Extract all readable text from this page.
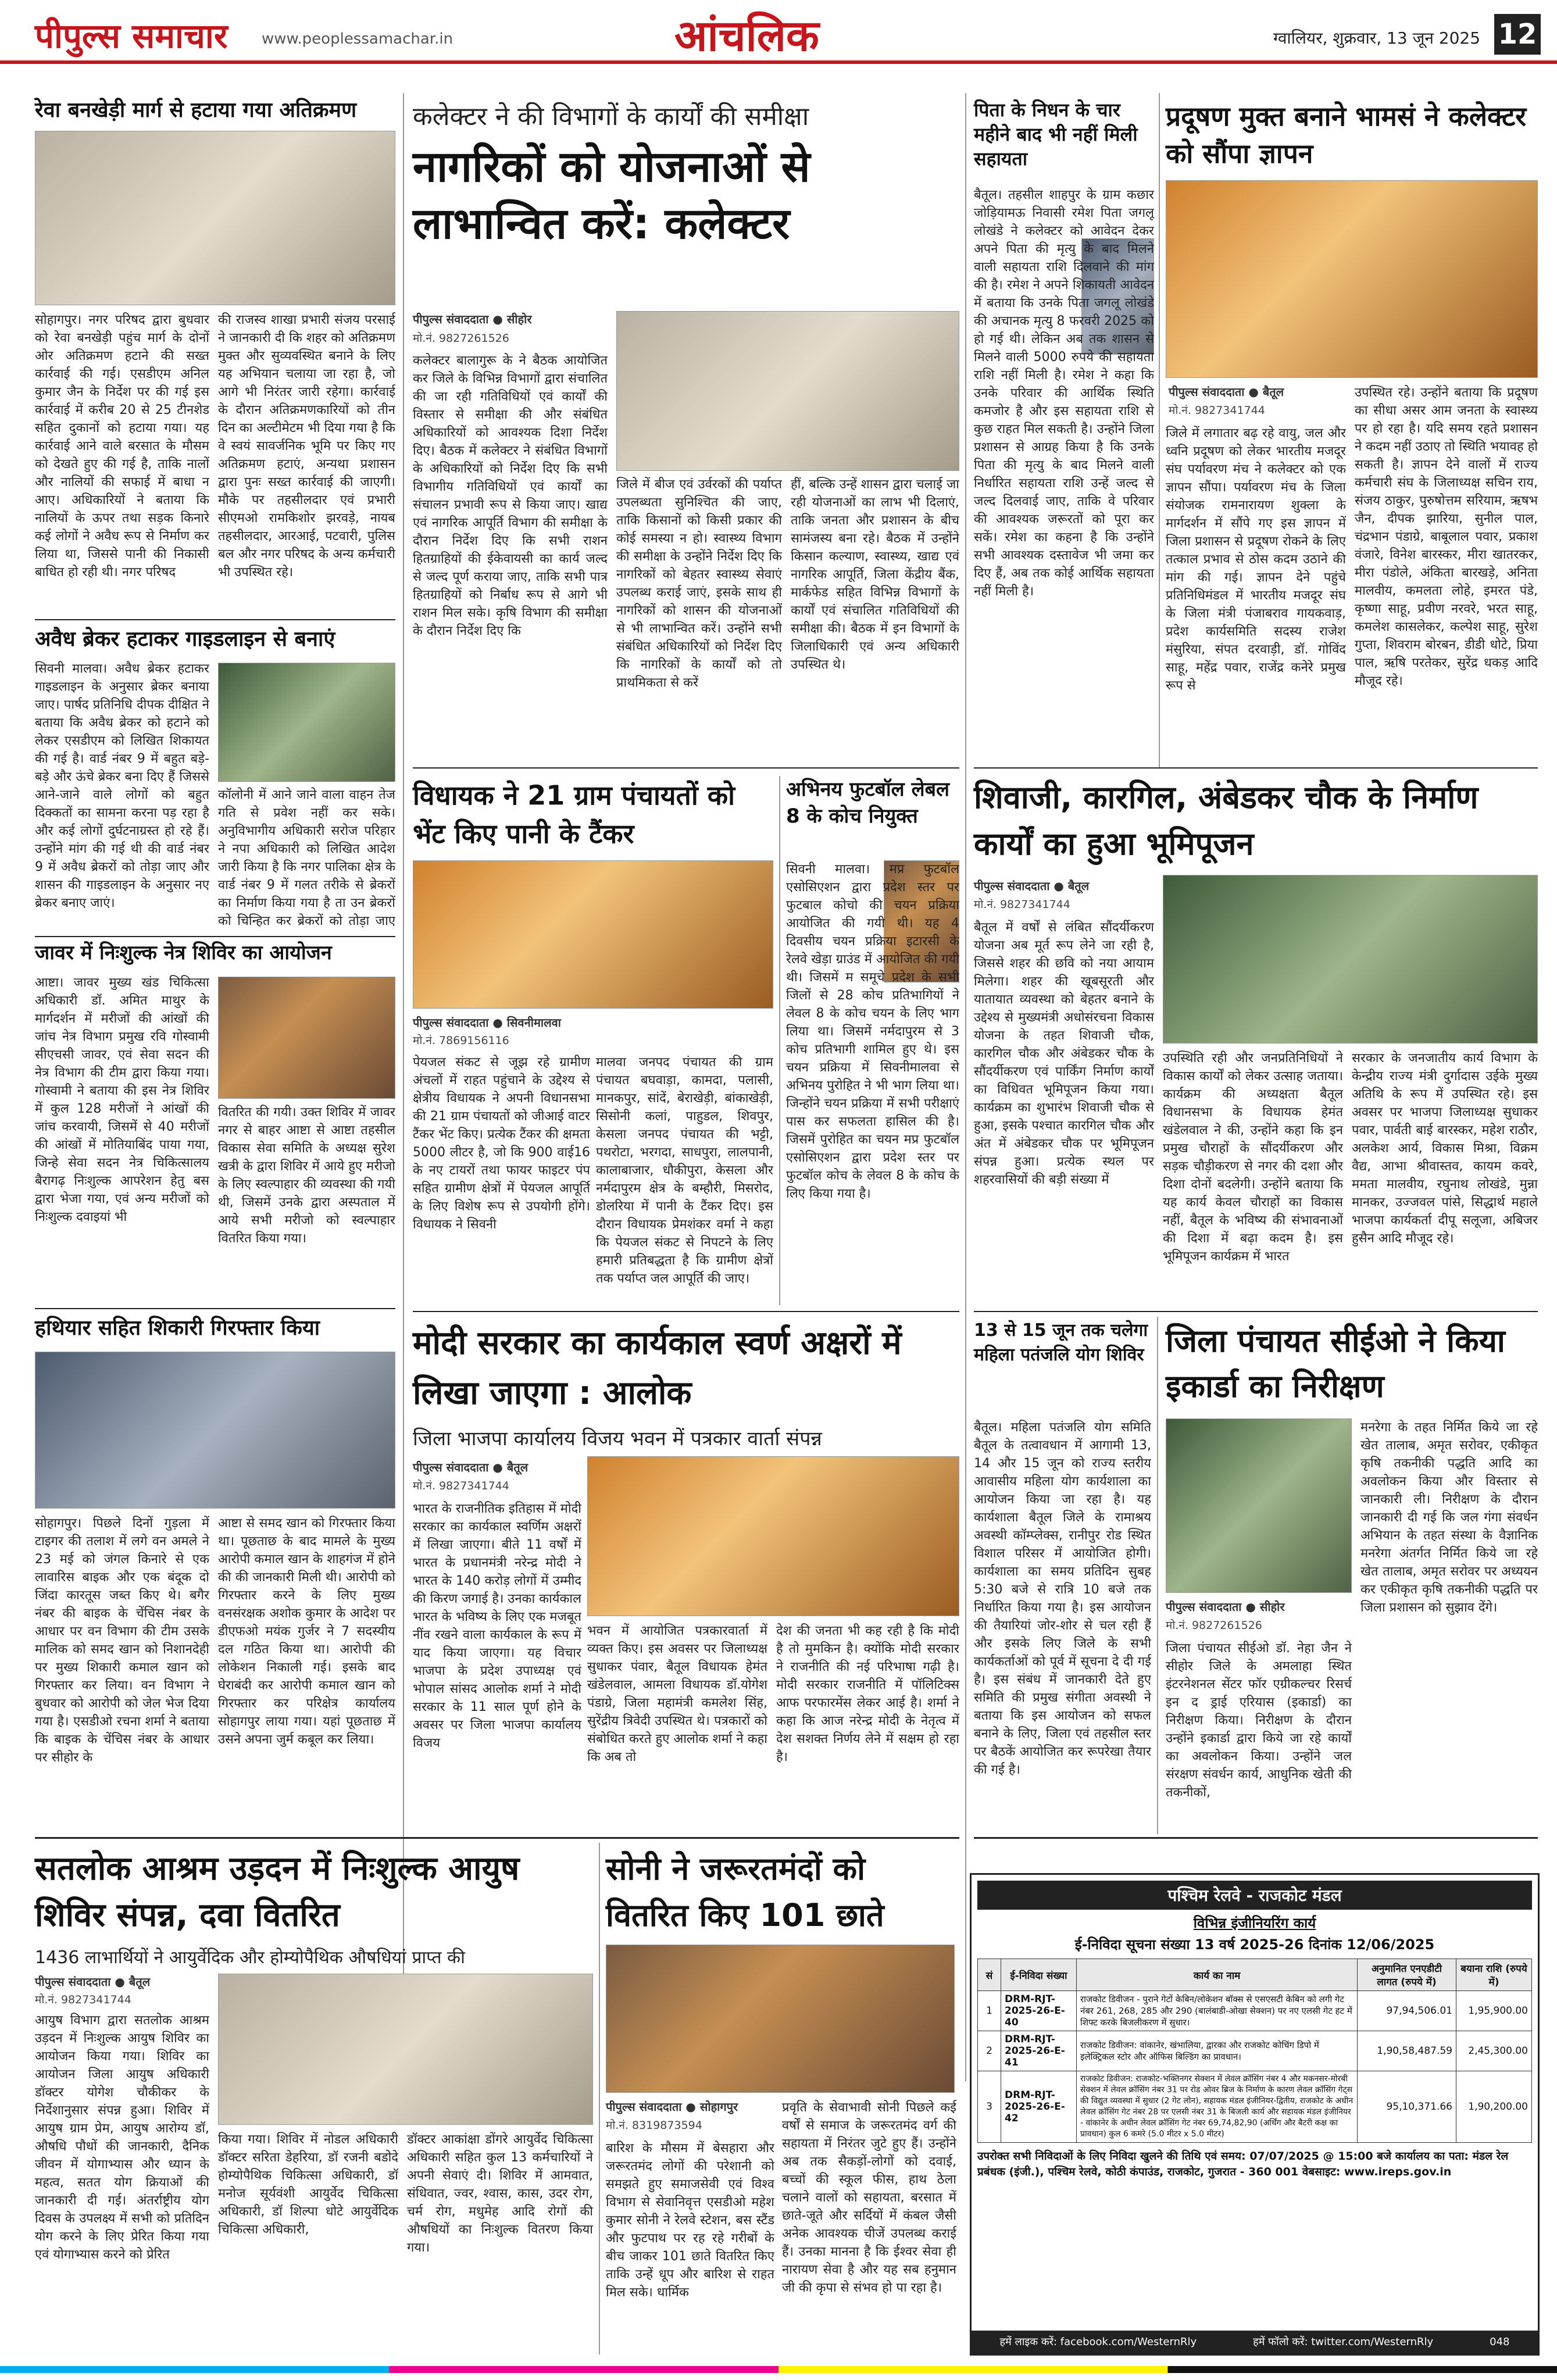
पीपुल्स समाचार www.peoplessamachar.in	आंचलिक	ग्वालियर, शुक्रवार, 13 जून 2025 12
रेवा बनखेड़ी मार्ग से हटाया गया अतिक्रमण
सोहागपुर। नगर परिषद द्वारा बुधवार को रेवा बनखेड़ी पहुंच मार्ग के दोनों ओर अतिक्रमण हटाने की सख्त कार्रवाई की गई। एसडीएम अनिल कुमार जैन के निर्देश पर की गई इस कार्रवाई में करीब 20 से 25 टीनशेड सहित दुकानों को हटाया गया। यह कार्रवाई आने वाले बरसात के मौसम को देखते हुए की गई है, ताकि नालों और नालियों की सफाई में बाधा न आए। अधिकारियों ने बताया कि नालियों के ऊपर तथा सड़क किनारे कई लोगों ने अवैध रूप से निर्माण कर लिया था, जिससे पानी की निकासी बाधित हो रही थी। नगर परिषद
की राजस्व शाखा प्रभारी संजय परसाई ने जानकारी दी कि शहर को अतिक्रमण मुक्त और सुव्यवस्थित बनाने के लिए यह अभियान चलाया जा रहा है, जो आगे भी निरंतर जारी रहेगा। कार्रवाई के दौरान अतिक्रमणकारियों को तीन दिन का अल्टीमेटम भी दिया गया है कि वे स्वयं सावर्जनिक भूमि पर किए गए अतिक्रमण हटाएं, अन्यथा प्रशासन द्वारा पुनः सख्त कार्रवाई की जाएगी। मौके पर तहसीलदार एवं प्रभारी सीएमओ रामकिशोर झरवड़े, नायब तहसीलदार, आरआई, पटवारी, पुलिस बल और नगर परिषद के अन्य कर्मचारी भी उपस्थित रहे।
अवैध ब्रेकर हटाकर गाइडलाइन से बनाएं
सिवनी मालवा। अवैध ब्रेकर हटाकर गाइडलाइन के अनुसार ब्रेकर बनाया जाए। पार्षद प्रतिनिधि दीपक दीक्षित ने बताया कि अवैध ब्रेकर को हटाने को लेकर एसडीएम को लिखित शिकायत की गई है। वार्ड नंबर 9 में बहुत बड़े-बड़े और ऊंचे ब्रेकर बना दिए हैं जिससे आने-जाने वाले लोगों को बहुत दिक्कतों का सामना करना पड़ रहा है और कई लोगों दुर्घटनाग्रस्त हो रहे हैं। उन्होंने मांग की गई थी की वार्ड नंबर 9 में अवैध ब्रेकरों को तोड़ा जाए और शासन की गाइडलाइन के अनुसार नए ब्रेकर बनाए जाएं।
कॉलोनी में आने जाने वाला वाहन तेज गति से प्रवेश नहीं कर सके। अनुविभागीय अधिकारी सरोज परिहार ने नपा अधिकारी को लिखित आदेश जारी किया है कि नगर पालिका क्षेत्र के वार्ड नंबर 9 में गलत तरीके से ब्रेकरों का निर्माण किया गया है ता उन ब्रेकरों को चिन्हित कर ब्रेकरों को तोड़ा जाए
जावर में निःशुल्क नेत्र शिविर का आयोजन
आष्टा। जावर मुख्य खंड चिकित्सा अधिकारी डॉ. अमित माथुर के मार्गदर्शन में मरीजों की आंखों की जांच नेत्र विभाग प्रमुख रवि गोस्वामी सीएचसी जावर, एवं सेवा सदन की नेत्र विभाग की टीम द्वारा किया गया। गोस्वामी ने बताया की इस नेत्र शिविर में कुल 128 मरीजों ने आंखों की जांच करवायी, जिसमें से 40 मरीजों की आंखों में मोतियाबिंद पाया गया, जिन्हे सेवा सदन नेत्र चिकित्सालय बैरागढ़ निःशुल्क आपरेशन हेतु बस द्वारा भेजा गया, एवं अन्य मरीजों को निःशुल्क दवाइयां भी
वितरित की गयी। उक्त शिविर में जावर नगर से बाहर आष्टा से आष्टा तहसील विकास सेवा समिति के अध्यक्ष सुरेश खत्री के द्वारा शिविर में आये हुए मरीजो के लिए स्वल्पाहार की व्यवस्था की गयी थी, जिसमें उनके द्वारा अस्पताल में आये सभी मरीजो को स्वल्पाहार वितरित किया गया।
हथियार सहित शिकारी गिरफ्तार किया
सोहागपुर। पिछले दिनों गुड़ला में टाइगर की तलाश में लगे वन अमले ने 23 मई को जंगल किनारे से एक लावारिस बाइक और एक बंदूक दो जिंदा कारतूस जब्त किए थे। बगैर नंबर की बाइक के चेंचिस नंबर के आधार पर वन विभाग की टीम उसके मालिक को समद खान को निशानदेही पर मुख्य शिकारी कमाल खान को गिरफ्तार कर लिया। वन विभाग ने बुधवार को आरोपी को जेल भेज दिया गया है। एसडीओ रचना शर्मा ने बताया कि बाइक के चेंचिस नंबर के आधार पर सीहोर के
आष्टा से समद खान को गिरफ्तार किया था। पूछताछ के बाद मामले के मुख्य आरोपी कमाल खान के शाहगंज में होने की की जानकारी मिली थी। आरोपी को गिरफ्तार करने के लिए मुख्य वनसंरक्षक अशोक कुमार के आदेश पर डीएफओ मयंक गुर्जर ने 7 सदस्यीय दल गठित किया था। आरोपी की लोकेशन निकाली गई। इसके बाद घेराबंदी कर आरोपी कमाल खान को गिरफ्तार कर परिक्षेत्र कार्यालय सोहागपुर लाया गया। यहां पूछताछ में उसने अपना जुर्म कबूल कर लिया।
कलेक्टर ने की विभागों के कार्यों की समीक्षा
नागरिकों को योजनाओं से लाभान्वित करें: कलेक्टर
पीपुल्स संवाददाता ● सीहोर
मो.नं. 9827261526
कलेक्टर बालागुरू के ने बैठक आयोजित कर जिले के विभिन्न विभागों द्वारा संचालित की जा रही गतिविधियों एवं कार्यों की विस्तार से समीक्षा की और संबंधित अधिकारियों को आवश्यक दिशा निर्देश दिए। बैठक में कलेक्टर ने संबंधित विभागों के अधिकारियों को निर्देश दिए कि सभी विभागीय गतिविधियों एवं कार्यों का संचालन प्रभावी रूप से किया जाए। खाद्य एवं नागरिक आपूर्ति विभाग की समीक्षा के दौरान निर्देश दिए कि सभी राशन हितग्राहियों की ईकेवायसी का कार्य जल्द से जल्द पूर्ण कराया जाए, ताकि सभी पात्र हितग्राहियों को निर्बाध रूप से आगे भी राशन मिल सके। कृषि विभाग की समीक्षा के दौरान निर्देश दिए कि
जिले में बीज एवं उर्वरकों की पर्याप्त उपलब्धता सुनिश्चित की जाए, ताकि किसानों को किसी प्रकार की कोई समस्या न हो। स्वास्थ्य विभाग की समीक्षा के उन्होंने निर्देश दिए कि नागरिकों को बेहतर स्वास्थ्य सेवाएं उपलब्ध कराई जाएं, इसके साथ ही नागरिकों को शासन की योजनाओं से भी लाभान्वित करें। उन्होंने सभी संबंधित अधिकारियों को निर्देश दिए कि नागरिकों के कार्यों को तो प्राथमिकता से करें
हीं, बल्कि उन्हें शासन द्वारा चलाई जा रही योजनाओं का लाभ भी दिलाएं, ताकि जनता और प्रशासन के बीच सामंजस्य बना रहे। बैठक में उन्होंने किसान कल्याण, स्वास्थ्य, खाद्य एवं नागरिक आपूर्ति, जिला केंद्रीय बैंक, मार्कफेड सहित विभिन्न विभागों के कार्यों एवं संचालित गतिविधियों की समीक्षा की। बैठक में इन विभागों के जिलाधिकारी एवं अन्य अधिकारी उपस्थित थे।
विधायक ने 21 ग्राम पंचायतों को भेंट किए पानी के टैंकर
पीपुल्स संवाददाता ● सिवनीमालवा
मो.नं. 7869156116
पेयजल संकट से जूझ रहे ग्रामीण अंचलों में राहत पहुंचाने के उद्देश्य से क्षेत्रीय विधायक ने अपनी विधानसभा की 21 ग्राम पंचायतों को जीआई वाटर टैंकर भेंट किए। प्रत्येक टैंकर की क्षमता 5000 लीटर है, जो कि 900 वाई16 के नए टायरों तथा फायर फाइटर पंप सहित ग्रामीण क्षेत्रों में पेयजल आपूर्ति के लिए विशेष रूप से उपयोगी होंगे। विधायक ने सिवनी
मालवा जनपद पंचायत की ग्राम पंचायत बघवाड़ा, कामदा, पलासी, मानकपुर, सांदें, बेराखेड़ी, बांकाखेड़ी, सिसोनी कलां, पाहुडल, शिवपुर, केसला जनपद पंचायत की भट्टी, पथरोटा, भरगदा, साधपुरा, लालपानी, कालाबाजार, धौकीपुरा, केसला और नर्मदापुरम क्षेत्र के बम्हौरी, मिसरोद, डोलरिया में पानी के टैंकर दिए। इस दौरान विधायक प्रेमशंकर वर्मा ने कहा कि पेयजल संकट से निपटने के लिए हमारी प्रतिबद्धता है कि ग्रामीण क्षेत्रों तक पर्याप्त जल आपूर्ति की जाए।
अभिनय फुटबॉल लेबल 8 के कोच नियुक्त
सिवनी मालवा। मप्र फुटबॉल एसोसिएशन द्वारा प्रदेश स्तर पर फुटबाल कोचो की चयन प्रक्रिया आयोजित की गयी थी। यह 4 दिवसीय चयन प्रक्रिया इटारसी के रेलवे खेड़ा ग्राउंड में आयोजित की गयी थी। जिसमें म समूचे प्रदेश के सभी जिलों से 28 कोच प्रतिभागियों ने लेवल 8 के कोच चयन के लिए भाग लिया था। जिसमें नर्मदापुरम से 3 कोच प्रतिभागी शामिल हुए थे। इस चयन प्रक्रिया में सिवनीमालवा से अभिनय पुरोहित ने भी भाग लिया था। जिन्होंने चयन प्रक्रिया में सभी परीक्षाएं पास कर सफलता हासिल की है। जिसमें पुरोहित का चयन मप्र फुटबॉल एसोसिएशन द्वारा प्रदेश स्तर पर फुटबॉल कोच के लेवल 8 के कोच के लिए किया गया है।
मोदी सरकार का कार्यकाल स्वर्ण अक्षरों में लिखा जाएगा : आलोक
जिला भाजपा कार्यालय विजय भवन में पत्रकार वार्ता संपन्न
पीपुल्स संवाददाता ● बैतूल
मो.नं. 9827341744
भारत के राजनीतिक इतिहास में मोदी सरकार का कार्यकाल स्वर्णिम अक्षरों में लिखा जाएगा। बीते 11 वर्षों में भारत के प्रधानमंत्री नरेन्द्र मोदी ने भारत के 140 करोड़ लोगों में उम्मीद की किरण जगाई है। उनका कार्यकाल भारत के भविष्य के लिए एक मजबूत नींव रखने वाला कार्यकाल के रूप में याद किया जाएगा। यह विचार भाजपा के प्रदेश उपाध्यक्ष एवं भोपाल सांसद आलोक शर्मा ने मोदी सरकार के 11 साल पूर्ण होने के अवसर पर जिला भाजपा कार्यालय विजय
भवन में आयोजित पत्रकारवार्ता में व्यक्त किए। इस अवसर पर जिलाध्यक्ष सुधाकर पंवार, बैतूल विधायक हेमंत खंडेलवाल, आमला विधायक डॉ.योगेश पंडाग्रे, जिला महामंत्री कमलेश सिंह, सुरेंद्रीय त्रिवेदी उपस्थित थे। पत्रकारों को संबोधित करते हुए आलोक शर्मा ने कहा कि अब तो
देश की जनता भी कह रही है कि मोदी है तो मुमकिन है। क्योंकि मोदी सरकार ने राजनीति की नई परिभाषा गढ़ी है। मोदी सरकार राजनीति में पॉलिटिक्स आफ परफारमेंस लेकर आई है। शर्मा ने कहा कि आज नरेन्द्र मोदी के नेतृत्व में देश सशक्त निर्णय लेने में सक्षम हो रहा है।
पिता के निधन के चार महीने बाद भी नहीं मिली सहायता
बैतूल। तहसील शाहपुर के ग्राम कछार जोड़ियामऊ निवासी रमेश पिता जगलू लोखंडे ने कलेक्टर को आवेदन देकर अपने पिता की मृत्यु के बाद मिलने वाली सहायता राशि दिलवाने की मांग की है। रमेश ने अपने शिकायती आवेदन में बताया कि उनके पिता जगलू लोखंडे की अचानक मृत्यु 8 फरवरी 2025 को हो गई थी। लेकिन अब तक शासन से मिलने वाली 5000 रुपये की सहायता राशि नहीं मिली है। रमेश ने कहा कि उनके परिवार की आर्थिक स्थिति कमजोर है और इस सहायता राशि से कुछ राहत मिल सकती है। उन्होंने जिला प्रशासन से आग्रह किया है कि उनके पिता की मृत्यु के बाद मिलने वाली निर्धारित सहायता राशि उन्हें जल्द से जल्द दिलवाई जाए, ताकि वे परिवार की आवश्यक जरूरतों को पूरा कर सकें। रमेश का कहना है कि उन्होंने सभी आवश्यक दस्तावेज भी जमा कर दिए हैं, अब तक कोई आर्थिक सहायता नहीं मिली है।
प्रदूषण मुक्त बनाने भामसं ने कलेक्टर को सौंपा ज्ञापन
पीपुल्स संवाददाता ● बैतूल
मो.नं. 9827341744
जिले में लगातार बढ़ रहे वायु, जल और ध्वनि प्रदूषण को लेकर भारतीय मजदूर संघ पर्यावरण मंच ने कलेक्टर को एक ज्ञापन सौंपा। पर्यावरण मंच के जिला संयोजक रामनारायण शुक्ला के मार्गदर्शन में सौंपे गए इस ज्ञापन में जिला प्रशासन से प्रदूषण रोकने के लिए तत्काल प्रभाव से ठोस कदम उठाने की मांग की गई। ज्ञापन देने पहुंचे प्रतिनिधिमंडल में भारतीय मजदूर संघ के जिला मंत्री पंजाबराव गायकवाड़, प्रदेश कार्यसमिति सदस्य राजेश मंसुरिया, संपत दरवाड़ी, डॉ. गोविंद साहू, महेंद्र पवार, राजेंद्र कनेरे प्रमुख रूप से
उपस्थित रहे। उन्होंने बताया कि प्रदूषण का सीधा असर आम जनता के स्वास्थ्य पर हो रहा है। यदि समय रहते प्रशासन ने कदम नहीं उठाए तो स्थिति भयावह हो सकती है। ज्ञापन देने वालों में राज्य कर्मचारी संघ के जिलाध्यक्ष सचिन राय, संजय ठाकुर, पुरुषोत्तम सरियाम, ऋषभ जैन, दीपक झारिया, सुनील पाल, चंद्रभान पंडाग्रे, बाबूलाल पवार, प्रकाश वंजारे, विनेश बारस्कर, मीरा खातरकर, मीरा पंडोले, अंकिता बारखड़े, अनिता मालवीय, कमलता लोहे, इमरत पंडे, कृष्णा साहू, प्रवीण नरवरे, भरत साहू, कमलेश कासलेकर, कल्पेश साहू, सुरेश गुप्ता, शिवराम बोरबन, डीडी धोटे, प्रिया पाल, ऋषि परतेकर, सुरेंद्र धकड़ आदि मौजूद रहे।
शिवाजी, कारगिल, अंबेडकर चौक के निर्माण कार्यों का हुआ भूमिपूजन
पीपुल्स संवाददाता ● बैतूल
मो.नं. 9827341744
बैतूल में वर्षों से लंबित सौंदर्यीकरण योजना अब मूर्त रूप लेने जा रही है, जिससे शहर की छवि को नया आयाम मिलेगा। शहर की खूबसूरती और यातायात व्यवस्था को बेहतर बनाने के उद्देश्य से मुख्यमंत्री अधोसंरचना विकास योजना के तहत शिवाजी चौक, कारगिल चौक और अंबेडकर चौक के सौंदर्यीकरण एवं पार्किंग निर्माण कार्यों का विधिवत भूमिपूजन किया गया। कार्यक्रम का शुभारंभ शिवाजी चौक से हुआ, इसके पश्चात कारगिल चौक और अंत में अंबेडकर चौक पर भूमिपूजन संपन्न हुआ। प्रत्येक स्थल पर शहरवासियों की बड़ी संख्या में
उपस्थिति रही और जनप्रतिनिधियों ने विकास कार्यों को लेकर उत्साह जताया। कार्यक्रम की अध्यक्षता बैतूल विधानसभा के विधायक हेमंत खंडेलवाल ने की, उन्होंने कहा कि इन प्रमुख चौराहों के सौंदर्यीकरण और सड़क चौड़ीकरण से नगर की दशा और दिशा दोनों बदलेगी। उन्होंने बताया कि यह कार्य केवल चौराहों का विकास नहीं, बैतूल के भविष्य की संभावनाओं की दिशा में बढ़ा कदम है। इस भूमिपूजन कार्यक्रम में भारत
सरकार के जनजातीय कार्य विभाग के केन्द्रीय राज्य मंत्री दुर्गादास उईके मुख्य अतिथि के रूप में उपस्थित रहे। इस अवसर पर भाजपा जिलाध्यक्ष सुधाकर पवार, पार्वती बाई बारस्कर, महेश राठौर, अलकेश आर्य, विकास मिश्रा, विक्रम वैद्य, आभा श्रीवास्तव, कायम कवरे, ममता मालवीय, रघुनाथ लोखंडे, मुन्ना मानकर, उज्जवल पांसे, सिद्धार्थ महाले भाजपा कार्यकर्ता दीपू सलूजा, अबिजर हुसैन आदि मौजूद रहे।
13 से 15 जून तक चलेगा महिला पतंजलि योग शिविर
बैतूल। महिला पतंजलि योग समिति बैतूल के तत्वावधान में आगामी 13, 14 और 15 जून को राज्य स्तरीय आवासीय महिला योग कार्यशाला का आयोजन किया जा रहा है। यह कार्यशाला बैतूल जिले के रामाश्रय अवस्थी कॉम्प्लेक्स, रानीपुर रोड स्थित विशाल परिसर में आयोजित होगी। कार्यशाला का समय प्रतिदिन सुबह 5:30 बजे से रात्रि 10 बजे तक निर्धारित किया गया है। इस आयोजन की तैयारियां जोर-शोर से चल रही हैं और इसके लिए जिले के सभी कार्यकर्ताओं को पूर्व में सूचना दे दी गई है। इस संबंध में जानकारी देते हुए समिति की प्रमुख संगीता अवस्थी ने बताया कि इस आयोजन को सफल बनाने के लिए, जिला एवं तहसील स्तर पर बैठकें आयोजित कर रूपरेखा तैयार की गई है।
जिला पंचायत सीईओ ने किया इकार्डा का निरीक्षण
पीपुल्स संवाददाता ● सीहोर
मो.नं. 9827261526
जिला पंचायत सीईओ डॉ. नेहा जैन ने सीहोर जिले के अमलाहा स्थित इंटरनेशनल सेंटर फॉर एग्रीकल्चर रिसर्च इन द ड्राई एरियास (इकार्डा) का निरीक्षण किया। निरीक्षण के दौरान उन्होंने इकार्डा द्वारा किये जा रहे कार्यों का अवलोकन किया। उन्होंने जल संरक्षण संवर्धन कार्य, आधुनिक खेती की तकनीकों,
मनरेगा के तहत निर्मित किये जा रहे खेत तालाब, अमृत सरोवर, एकीकृत कृषि तकनीकी पद्धति आदि का अवलोकन किया और विस्तार से जानकारी ली। निरीक्षण के दौरान जानकारी दी गई कि जल गंगा संवर्धन अभियान के तहत संस्था के वैज्ञानिक मनरेगा अंतर्गत निर्मित किये जा रहे खेत तालाब, अमृत सरोवर पर अध्ययन कर एकीकृत कृषि तकनीकी पद्धति पर जिला प्रशासन को सुझाव देंगे।
सतलोक आश्रम उड़दन में निःशुल्क आयुष शिविर संपन्न, दवा वितरित
1436 लाभार्थियों ने आयुर्वेदिक और होम्योपैथिक औषधियां प्राप्त की
पीपुल्स संवाददाता ● बैतूल
मो.नं. 9827341744
आयुष विभाग द्वारा सतलोक आश्रम उड़दन में निःशुल्क आयुष शिविर का आयोजन किया गया। शिविर का आयोजन जिला आयुष अधिकारी डॉक्टर योगेश चौकीकर के निर्देशानुसार संपन्न हुआ। शिविर में आयुष ग्राम प्रेम, आयुष आरोग्य डॉ, औषधि पौधों की जानकारी, दैनिक जीवन में योगाभ्यास और ध्यान के महत्व, सतत योग क्रियाओं की जानकारी दी गई। अंतर्राष्ट्रीय योग दिवस के उपलक्ष्य में सभी को प्रतिदिन योग करने के लिए प्रेरित किया गया एवं योगाभ्यास करने को प्रेरित
किया गया। शिविर में नोडल अधिकारी डॉक्टर सरिता डेहरिया, डॉ रजनी बडोदे होम्योपैथिक चिकित्सा अधिकारी, डॉ मनोज सूर्यवंशी आयुर्वेद चिकित्सा अधिकारी, डॉ शिल्पा धोटे आयुर्वेदिक चिकित्सा अधिकारी,
डॉक्टर आकांक्षा डोंगरे आयुर्वेद चिकित्सा अधिकारी सहित कुल 13 कर्मचारियों ने अपनी सेवाएं दी। शिविर में आमवात, संधिवात, ज्वर, श्वास, कास, उदर रोग, चर्म रोग, मधुमेह आदि रोगों की औषधियों का निःशुल्क वितरण किया गया।
सोनी ने जरूरतमंदों को वितरित किए 101 छाते
पीपुल्स संवाददाता ● सोहागपुर
मो.नं. 8319873594
बारिश के मौसम में बेसहारा और जरूरतमंद लोगों की परेशानी को समझते हुए समाजसेवी एवं विश्व विभाग से सेवानिवृत्त एसडीओ महेश कुमार सोनी ने रेलवे स्टेशन, बस स्टैंड और फुटपाथ पर रह रहे गरीबों के बीच जाकर 101 छाते वितरित किए ताकि उन्हें धूप और बारिश से राहत मिल सके। धार्मिक
प्रवृति के सेवाभावी सोनी पिछले कई वर्षों से समाज के जरूरतमंद वर्ग की सहायता में निरंतर जुटे हुए हैं। उन्होंने अब तक सैकड़ों-लोगों को दवाई, बच्चों की स्कूल फीस, हाथ ठेला चलाने वालों को सहायता, बरसात में छाते-जूते और सर्दियों में कंबल जैसी अनेक आवश्यक चीजें उपलब्ध कराई हैं। उनका मानना है कि ईश्वर सेवा ही नारायण सेवा है और यह सब हनुमान जी की कृपा से संभव हो पा रहा है।
पश्चिम रेलवे - राजकोट मंडल
विभिन्न इंजीनियरिंग कार्य
ई-निविदा सूचना संख्या 13 वर्ष 2025-26 दिनांक 12/06/2025
सं	ई-निविदा संख्या	कार्य का नाम	अनुमानित एनएडीटी लागत (रुपये में)	बयाना राशि (रुपये में)
1	DRM-RJT-2025-26-E-40	राजकोट डिवीजन - पुराने गेटों केबिन/लोकेशन बॉक्स से एसएसटी केबिन को लगी गेट नंबर 261, 268, 285 और 290 (बालंबाडी-ओखा सेक्शन) पर नए एलसी गेट हट में शिफ्ट करके बिजलीकरण में सुधार।	97,94,506.01	1,95,900.00
2	DRM-RJT-2025-26-E-41	राजकोट डिवीजन: वांकानेर, खंभालिया, द्वारका और राजकोट कोचिंग डिपो में इलेक्ट्रिकल स्टोर और ऑफिस बिल्डिंग का प्रावधान।	1,90,58,487.59	2,45,300.00
3	DRM-RJT-2025-26-E-42	राजकोट डिवीजन: राजकोट-भक्तिनगर सेक्शन में लेवल क्रॉसिंग नंबर 4 और मकनसर-मोरबी सेक्शन में लेवल क्रॉसिंग नंबर 31 पर रोड ओवर ब्रिज के निर्माण के कारण लेवल क्रॉसिंग गेट्स की विद्युत व्यवस्था में सुधार (2 गेट लोन), सहायक मंडल इंजीनियर-द्वितीय, राजकोट के अधीन लेवल क्रॉसिंग गेट नंबर 28 पर एलसी नंबर 31 के बिजली कार्य और सहायक मंडल इंजीनियर - वांकानेर के अधीन लेवल क्रॉसिंग गेट नंबर 69,74,82,90 (अर्थिंग और बैटरी कक्ष का प्रावधान) कुल 6 कमरे (5.0 मीटर x 5.0 मीटर)	95,10,371.66	1,90,200.00
उपरोक्त सभी निविदाओं के लिए निविदा खुलने की तिथि एवं समय: 07/07/2025 @ 15:00 बजे कार्यालय का पता: मंडल रेल प्रबंधक (इंजी.), पश्चिम रेलवे, कोठी कंपाउंड, राजकोट, गुजरात - 360 001 वेबसाइट: www.ireps.gov.in
हमें लाइक करें: facebook.com/WesternRly	हमें फॉलो करें: twitter.com/WesternRly	048
